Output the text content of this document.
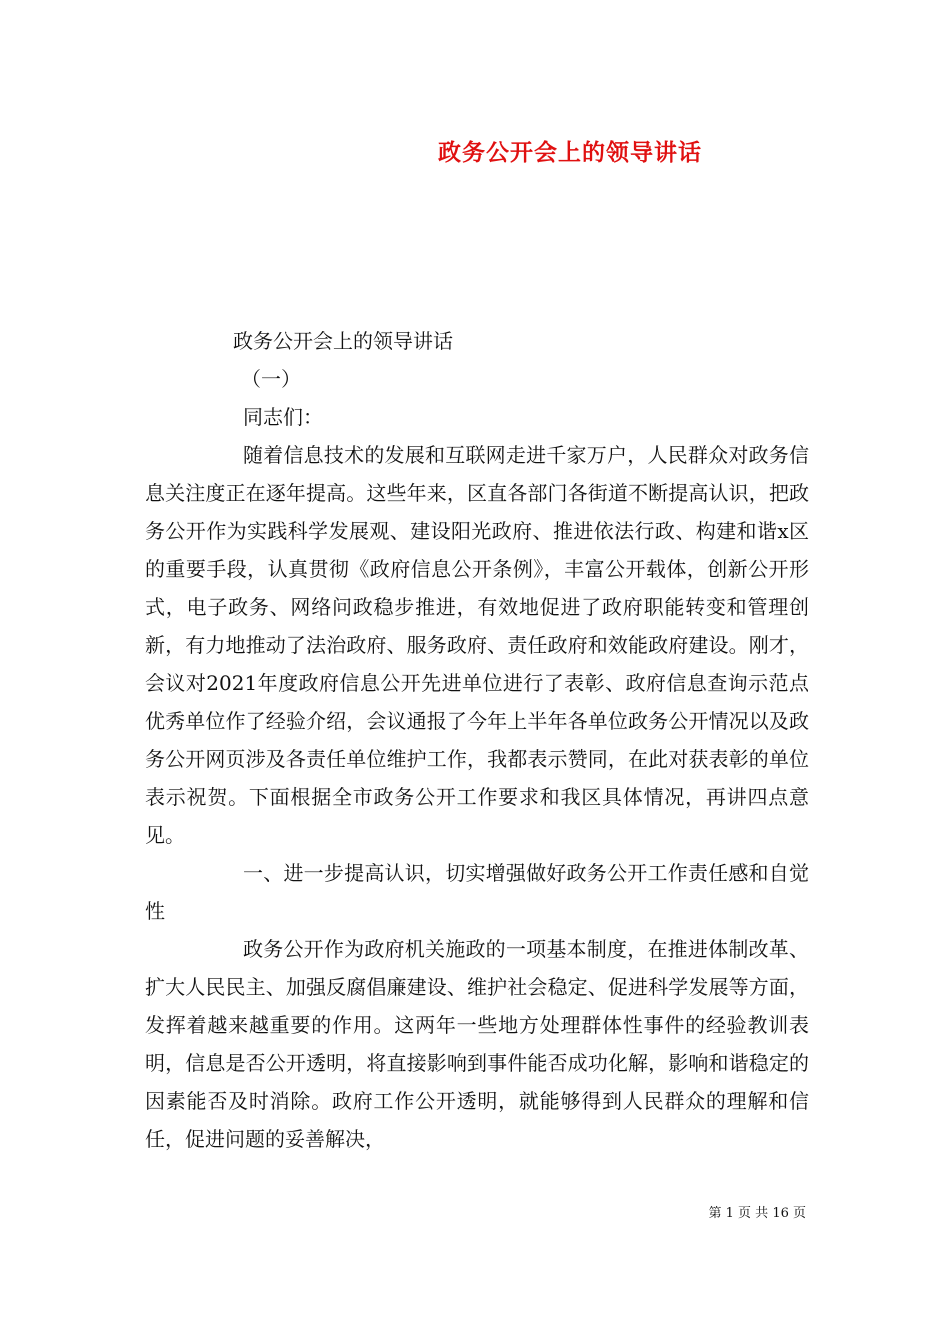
政务公开会上的领导讲话

政务公开会上的领导讲话

（一）

同志们：

随着信息技术的发展和互联网走进千家万户，人民群众对政务信息关注度正在逐年提高。这些年来，区直各部门各街道不断提高认识，把政务公开作为实践科学发展观、建设阳光政府、推进依法行政、构建和谐x区的重要手段，认真贯彻《政府信息公开条例》，丰富公开载体，创新公开形式，电子政务、网络问政稳步推进，有效地促进了政府职能转变和管理创新，有力地推动了法治政府、服务政府、责任政府和效能政府建设。刚才，会议对2021年度政府信息公开先进单位进行了表彰、政府信息查询示范点优秀单位作了经验介绍，会议通报了今年上半年各单位政务公开情况以及政务公开网页涉及各责任单位维护工作，我都表示赞同，在此对获表彰的单位表示祝贺。下面根据全市政务公开工作要求和我区具体情况，再讲四点意见。

一、进一步提高认识，切实增强做好政务公开工作责任感和自觉性

政务公开作为政府机关施政的一项基本制度，在推进体制改革、扩大人民民主、加强反腐倡廉建设、维护社会稳定、促进科学发展等方面，发挥着越来越重要的作用。这两年一些地方处理群体性事件的经验教训表明，信息是否公开透明，将直接影响到事件能否成功化解，影响和谐稳定的因素能否及时消除。政府工作公开透明，就能够得到人民群众的理解和信任，促进问题的妥善解决，

第 1 页 共 16 页
